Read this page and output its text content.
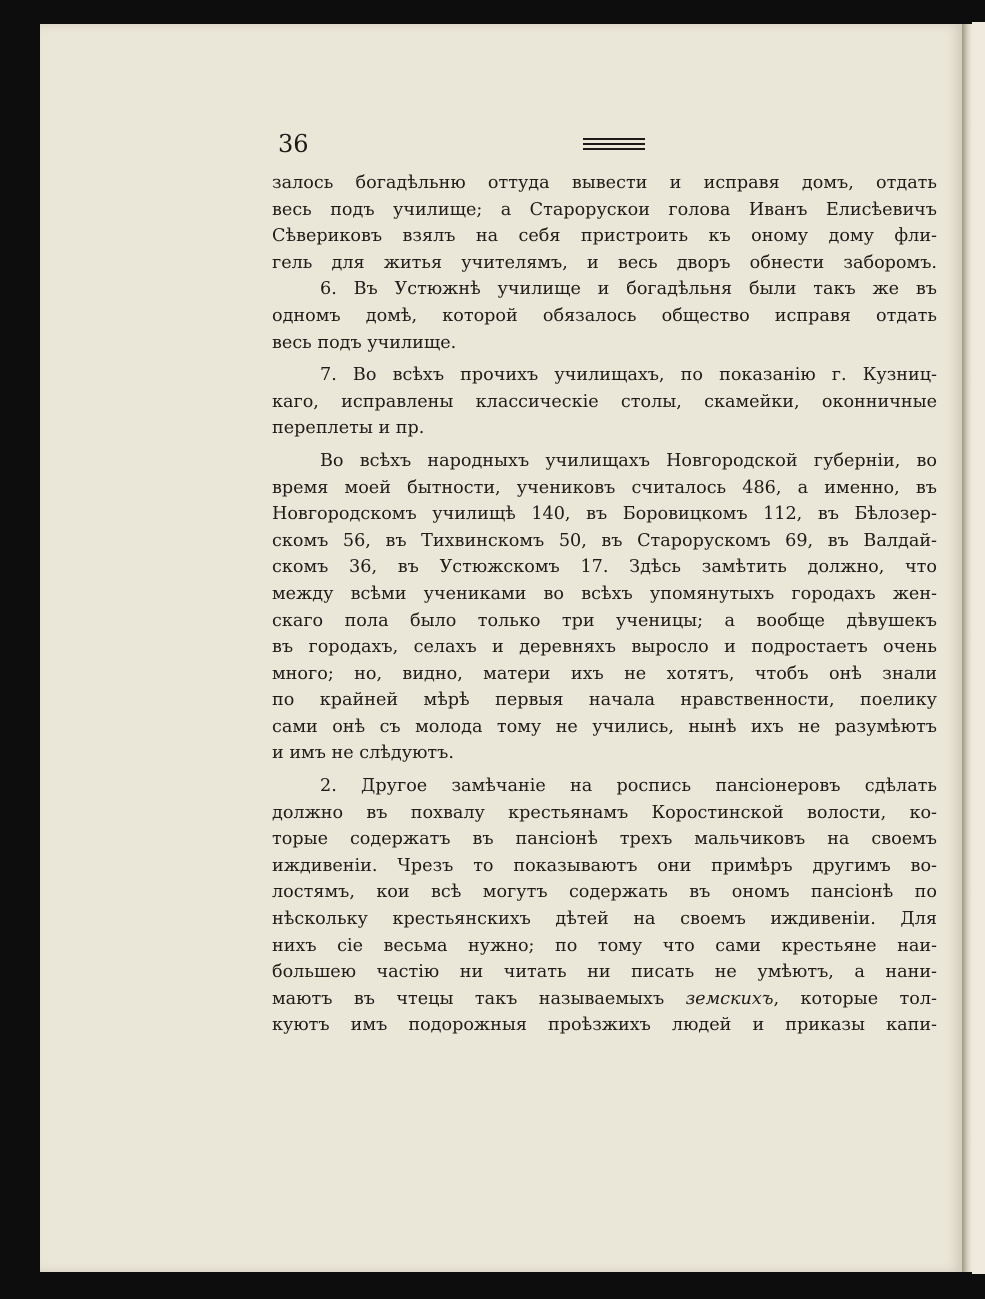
36
залось богадѣльню оттуда вывести и исправя домъ, отдать
весь подъ училище; а Старорускои голова Иванъ Елисѣевичъ
Сѣвериковъ взялъ на себя пристроить къ оному дому фли-
гель для житья учителямъ, и весь дворъ обнести заборомъ.
6. Въ Устюжнѣ училище и богадѣльня были такъ же въ
одномъ домѣ, которой обязалось общество исправя отдать
весь подъ училище.
7. Во всѣхъ прочихъ училищахъ, по показанію г. Кузниц-
каго, исправлены классическіе столы, скамейки, оконничные
переплеты и пр.
Во всѣхъ народныхъ училищахъ Новгородской губерніи, во
время моей бытности, учениковъ считалось 486, а именно, въ
Новгородскомъ училищѣ 140, въ Боровицкомъ 112, въ Бѣлозер-
скомъ 56, въ Тихвинскомъ 50, въ Старорускомъ 69, въ Валдай-
скомъ 36, въ Устюжскомъ 17. Здѣсь замѣтить должно, что
между всѣми учениками во всѣхъ упомянутыхъ городахъ жен-
скаго пола было только три ученицы; а вообще дѣвушекъ
въ городахъ, селахъ и деревняхъ выросло и подростаетъ очень
много; но, видно, матери ихъ не хотятъ, чтобъ онѣ знали
по крайней мѣрѣ первыя начала нравственности, поелику
сами онѣ съ молода тому не учились, нынѣ ихъ не разумѣютъ
и имъ не слѣдуютъ.
2. Другое замѣчаніе на роспись пансіонеровъ сдѣлать
должно въ похвалу крестьянамъ Коростинской волости, ко-
торые содержатъ въ пансіонѣ трехъ мальчиковъ на своемъ
иждивеніи. Чрезъ то показываютъ они примѣръ другимъ во-
лостямъ, кои всѣ могутъ содержать въ ономъ пансіонѣ по
нѣскольку крестьянскихъ дѣтей на своемъ иждивеніи. Для
нихъ сіе весьма нужно; по тому что сами крестьяне наи-
большею частію ни читать ни писать не умѣютъ, а нани-
маютъ въ чтецы такъ называемыхъ земскихъ, которые тол-
куютъ имъ подорожныя проѣзжихъ людей и приказы капи-
